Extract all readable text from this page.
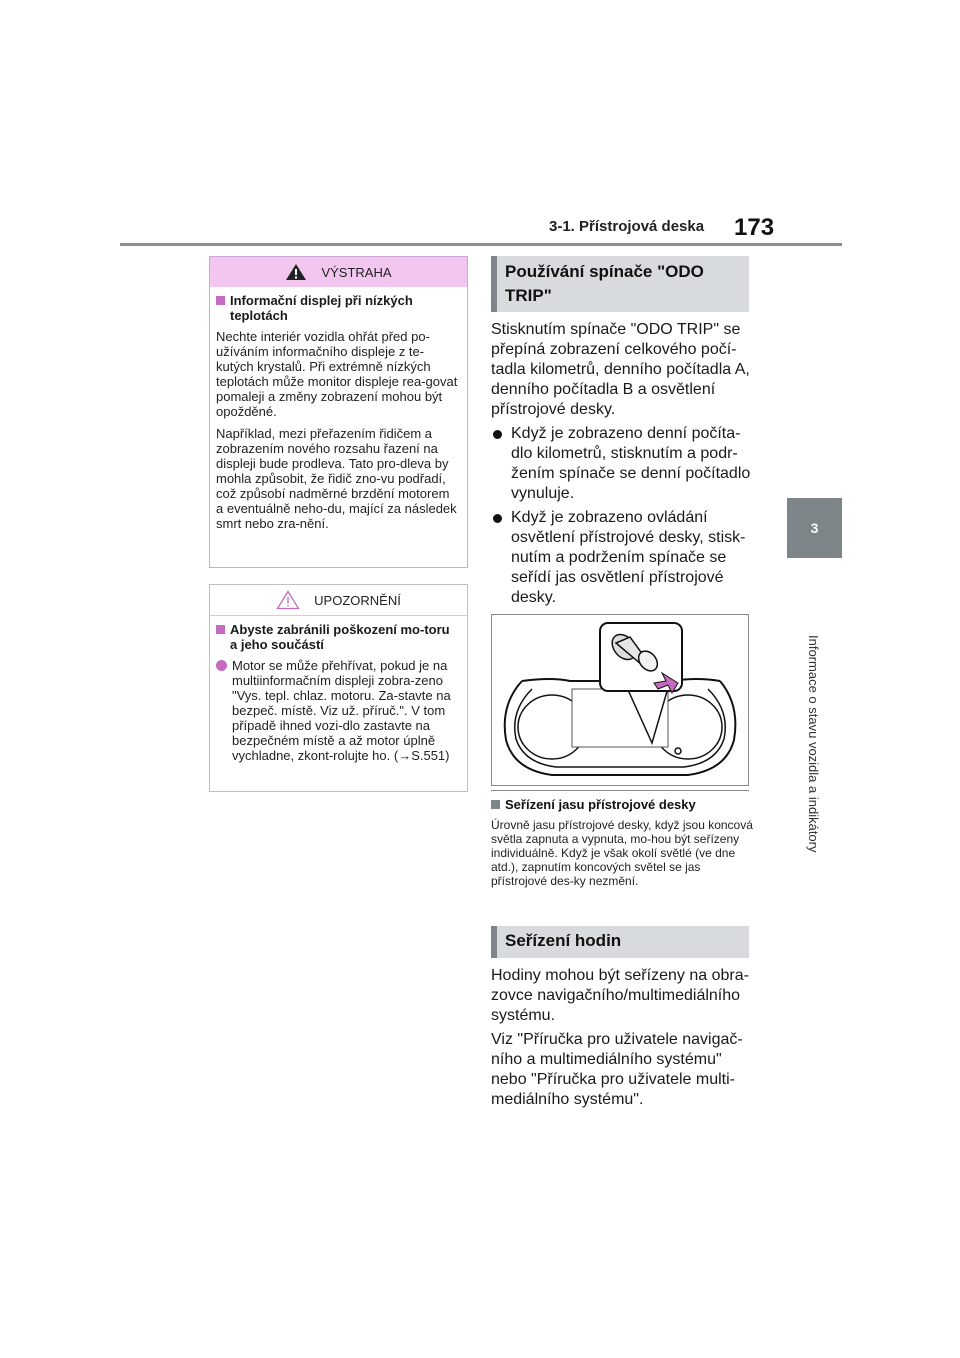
3-1. Přístrojová deska 173
3
Informace o stavu vozidla a indikátory
VÝSTRAHA
Informační displej při nízkých teplotách
Nechte interiér vozidla ohřát před po-užíváním informačního displeje z te-kutých krystalů. Při extrémně nízkých teplotách může monitor displeje rea-govat pomaleji a změny zobrazení mohou být opožděné.
Například, mezi přeřazením řidičem a zobrazením nového rozsahu řazení na displeji bude prodleva. Tato pro-dleva by mohla způsobit, že řidič zno-vu podřadí, což způsobí nadměrné brzdění motorem a eventuálně neho-du, mající za následek smrt nebo zra-nění.
UPOZORNĚNÍ
Abyste zabránili poškození mo-toru a jeho součástí
Motor se může přehřívat, pokud je na multiinformačním displeji zobra-zeno "Vys. tepl. chlaz. motoru. Za-stavte na bezpeč. místě. Viz už. příruč.". V tom případě ihned vozi-dlo zastavte na bezpečném místě a až motor úplně vychladne, zkont-rolujte ho. (→S.551)
Používání spínače "ODO TRIP"
Stisknutím spínače "ODO TRIP" se přepíná zobrazení celkového počí-tadla kilometrů, denního počítadla A, denního počítadla B a osvětlení přístrojové desky.
Když je zobrazeno denní počíta-dlo kilometrů, stisknutím a podr-žením spínače se denní počítadlo vynuluje.
Když je zobrazeno ovládání osvětlení přístrojové desky, stisk-nutím a podržením spínače se seřídí jas osvětlení přístrojové desky.
Seřízení jasu přístrojové desky
Úrovně jasu přístrojové desky, když jsou koncová světla zapnuta a vypnuta, mo-hou být seřízeny individuálně. Když je však okolí světlé (ve dne atd.), zapnutím koncových světel se jas přístrojové des-ky nezmění.
Seřízení hodin
Hodiny mohou být seřízeny na obra-zovce navigačního/multimediálního systému.
Viz "Příručka pro uživatele navigač-ního a multimediálního systému" nebo "Příručka pro uživatele multi-mediálního systému".
